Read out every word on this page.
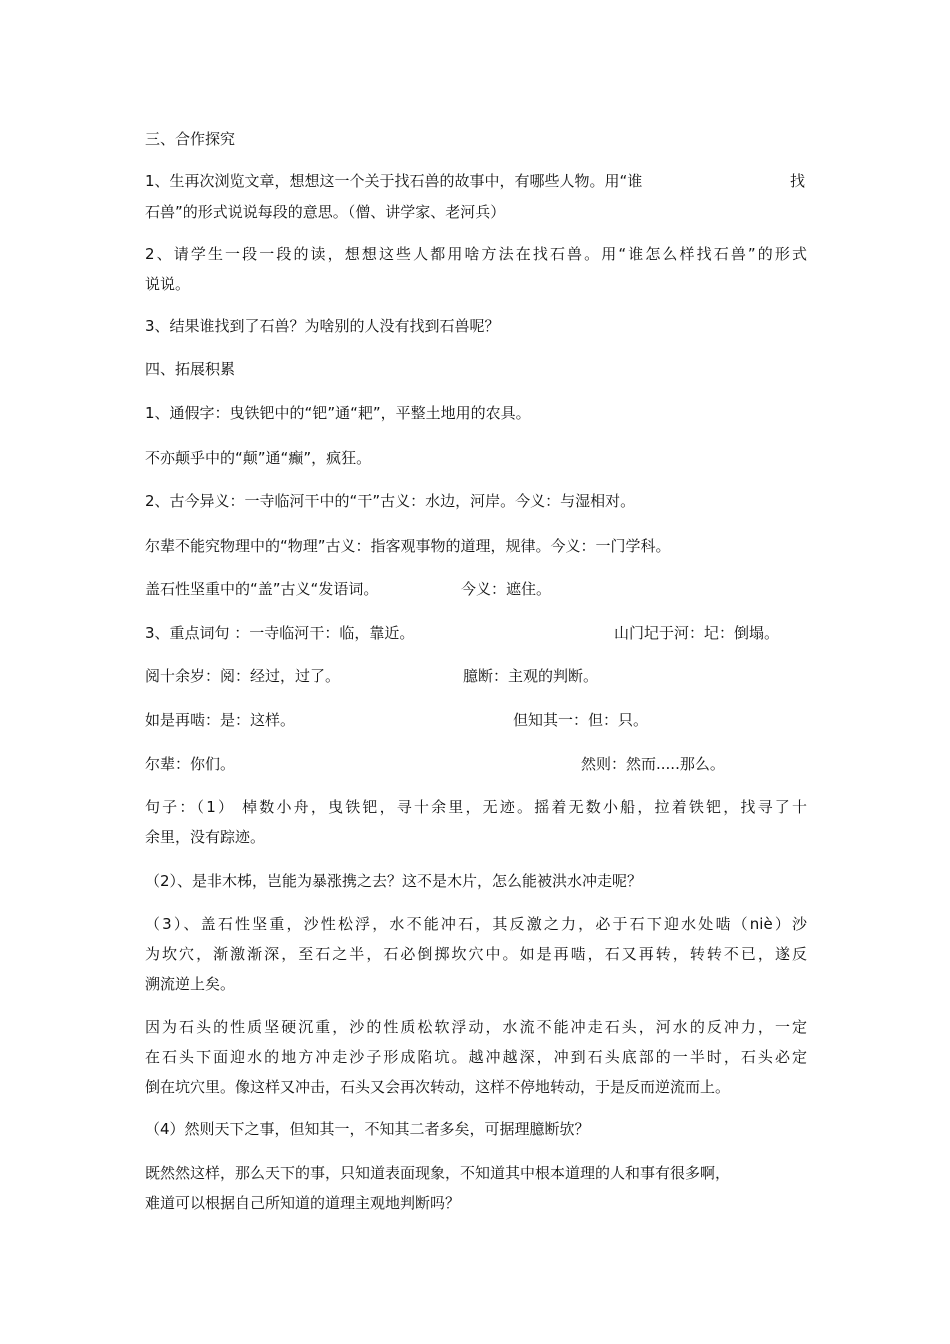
三、合作探究
1、生再次浏览文章，想想这一个关于找石兽的故事中，有哪些人物。用“谁	找
石兽”的形式说说每段的意思。（僧、讲学家、老河兵）
2、请学生一段一段的读，想想这些人都用啥方法在找石兽。用“谁怎么样找石兽”的形式
说说。
3、结果谁找到了石兽？为啥别的人没有找到石兽呢？
四、拓展积累
1、通假字：曳铁钯中的“钯”通“耙”，平整土地用的农具。
不亦颠乎中的“颠”通“癫”，疯狂。
2、古今异义：一寺临河干中的“干”古义：水边，河岸。今义：与湿相对。
尔辈不能究物理中的“物理”古义：指客观事物的道理，规律。今义：一门学科。
盖石性坚重中的“盖”古义“发语词。	今义：遮住。
3、重点词句 ：一寺临河干：临，靠近。	山门圮于河：圮：倒塌。
阅十余岁：阅：经过，过了。	臆断：主观的判断。
如是再啮：是：这样。	但知其一：但：只。
尔辈：你们。	然则：然而.....那么。
句子：（1） 棹数小舟，曳铁钯，寻十余里，无迹。摇着无数小船，拉着铁钯，找寻了十
余里，没有踪迹。
（2）、是非木柹，岂能为暴涨携之去？这不是木片，怎么能被洪水冲走呢？
（3）、盖石性坚重，沙性松浮，水不能冲石，其反激之力，必于石下迎水处啮（niè）沙
为坎穴，渐激渐深，至石之半，石必倒掷坎穴中。如是再啮，石又再转，转转不已，遂反
溯流逆上矣。
因为石头的性质坚硬沉重，沙的性质松软浮动，水流不能冲走石头，河水的反冲力，一定
在石头下面迎水的地方冲走沙子形成陷坑。越冲越深，冲到石头底部的一半时，石头必定
倒在坑穴里。像这样又冲击，石头又会再次转动，这样不停地转动，于是反而逆流而上。
（4）然则天下之事，但知其一，不知其二者多矣，可据理臆断欤？
既然然这样，那么天下的事，只知道表面现象，不知道其中根本道理的人和事有很多啊，
难道可以根据自己所知道的道理主观地判断吗？
